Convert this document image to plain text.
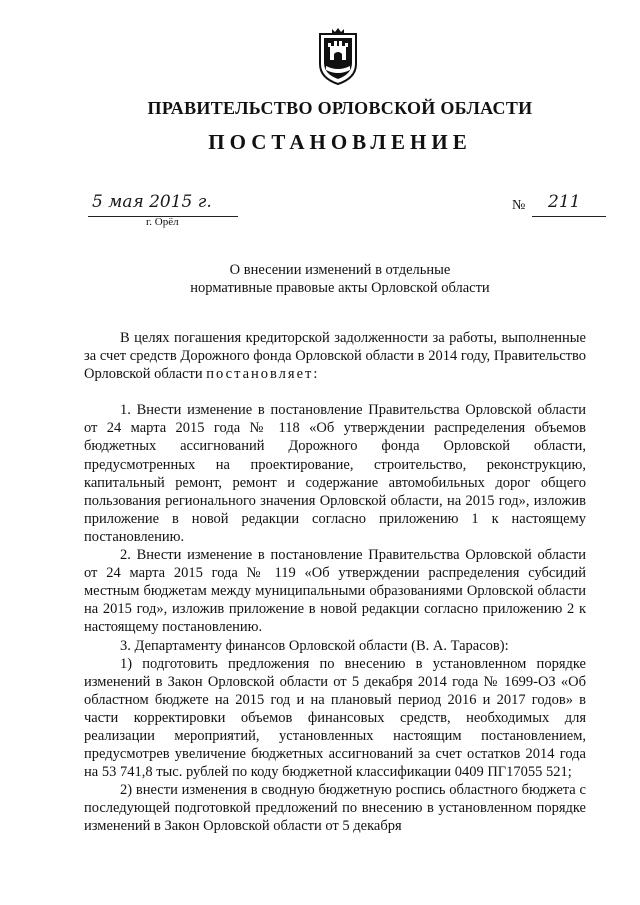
ПРАВИТЕЛЬСТВО ОРЛОВСКОЙ ОБЛАСТИ
ПОСТАНОВЛЕНИЕ
5 мая 2015 г.
г. Орёл
№ 211
О внесении изменений в отдельные
нормативные правовые акты Орловской области

В целях погашения кредиторской задолженности за работы, выполненные за счет средств Дорожного фонда Орловской области в 2014 году, Правительство Орловской области постановляет:

1. Внести изменение в постановление Правительства Орловской области от 24 марта 2015 года № 118 «Об утверждении распределения объемов бюджетных ассигнований Дорожного фонда Орловской области, предусмотренных на проектирование, строительство, реконструкцию, капитальный ремонт, ремонт и содержание автомобильных дорог общего пользования регионального значения Орловской области, на 2015 год», изложив приложение в новой редакции согласно приложению 1 к настоящему постановлению.

2. Внести изменение в постановление Правительства Орловской области от 24 марта 2015 года № 119 «Об утверждении распределения субсидий местным бюджетам между муниципальными образованиями Орловской области на 2015 год», изложив приложение в новой редакции согласно приложению 2 к настоящему постановлению.

3. Департаменту финансов Орловской области (В. А. Тарасов):

1) подготовить предложения по внесению в установленном порядке изменений в Закон Орловской области от 5 декабря 2014 года № 1699-ОЗ «Об областном бюджете на 2015 год и на плановый период 2016 и 2017 годов» в части корректировки объемов финансовых средств, необходимых для реализации мероприятий, установленных настоящим постановлением, предусмотрев увеличение бюджетных ассигнований за счет остатков 2014 года на 53 741,8 тыс. рублей по коду бюджетной классификации 0409 ПГ17055 521;

2) внести изменения в сводную бюджетную роспись областного бюджета с последующей подготовкой предложений по внесению в установленном порядке изменений в Закон Орловской области от 5 декабря
